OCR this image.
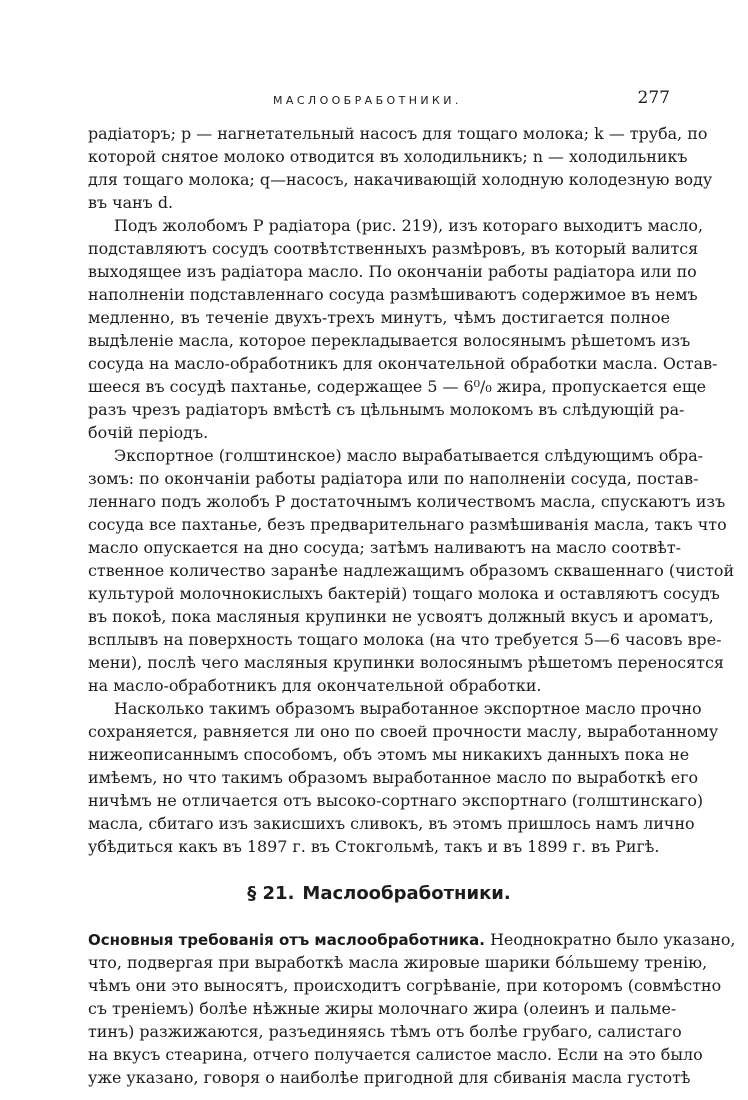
МАСЛООБРАБОТНИКИ.	277
радіаторъ; p — нагнетательный насосъ для тощаго молока; k — труба, по
которой снятое молоко отводится въ холодильникъ; n — холодильникъ
для тощаго молока; q—насосъ, накачивающій холодную колодезную воду
въ чанъ d.
Подъ жолобомъ P радіатора (рис. 219), изъ котораго выходитъ масло,
подставляютъ сосудъ соотвѣтственныхъ размѣровъ, въ который валится
выходящее изъ радіатора масло. По окончаніи работы радіатора или по
наполненіи подставленнаго сосуда размѣшиваютъ содержимое въ немъ
медленно, въ теченіе двухъ-трехъ минутъ, чѣмъ достигается полное
выдѣленіе масла, которое перекладывается волосянымъ рѣшетомъ изъ
сосуда на масло-обработникъ для окончательной обработки масла. Остав-
шееся въ сосудѣ пахтанье, содержащее 5 — 6⁰/₀ жира, пропускается еще
разъ чрезъ радіаторъ вмѣстѣ съ цѣльнымъ молокомъ въ слѣдующій ра-
бочій періодъ.
Экспортное (голштинское) масло вырабатывается слѣдующимъ обра-
зомъ: по окончаніи работы радіатора или по наполненіи сосуда, постав-
леннаго подъ жолобъ P достаточнымъ количествомъ масла, спускаютъ изъ
сосуда все пахтанье, безъ предварительнаго размѣшиванія масла, такъ что
масло опускается на дно сосуда; затѣмъ наливаютъ на масло соотвѣт-
ственное количество заранѣе надлежащимъ образомъ сквашеннаго (чистой
культурой молочнокислыхъ бактерій) тощаго молока и оставляютъ сосудъ
въ покоѣ, пока масляныя крупинки не усвоятъ должный вкусъ и ароматъ,
всплывъ на поверхность тощаго молока (на что требуется 5—6 часовъ вре-
мени), послѣ чего масляныя крупинки волосянымъ рѣшетомъ переносятся
на масло-обработникъ для окончательной обработки.
Насколько такимъ образомъ выработанное экспортное масло прочно
сохраняется, равняется ли оно по своей прочности маслу, выработанному
нижеописаннымъ способомъ, объ этомъ мы никакихъ данныхъ пока не
имѣемъ, но что такимъ образомъ выработанное масло по выработкѣ его
ничѣмъ не отличается отъ высоко-сортнаго экспортнаго (голштинскаго)
масла, сбитаго изъ закисшихъ сливокъ, въ этомъ пришлось намъ лично
убѣдиться какъ въ 1897 г. въ Стокгольмѣ, такъ и въ 1899 г. въ Ригѣ.
§ 21. Маслообработники.
Основныя требованія отъ маслообработника. Неоднократно было указано,
что, подвергая при выработкѣ масла жировые шарики бо́льшему тренію,
чѣмъ они это выносятъ, происходитъ согрѣваніе, при которомъ (совмѣстно
съ треніемъ) болѣе нѣжные жиры молочнаго жира (олеинъ и пальме-
тинъ) разжижаются, разъединяясь тѣмъ отъ болѣе грубаго, салистаго
на вкусъ стеарина, отчего получается салистое масло. Если на это было
уже указано, говоря о наиболѣе пригодной для сбиванія масла густотѣ
